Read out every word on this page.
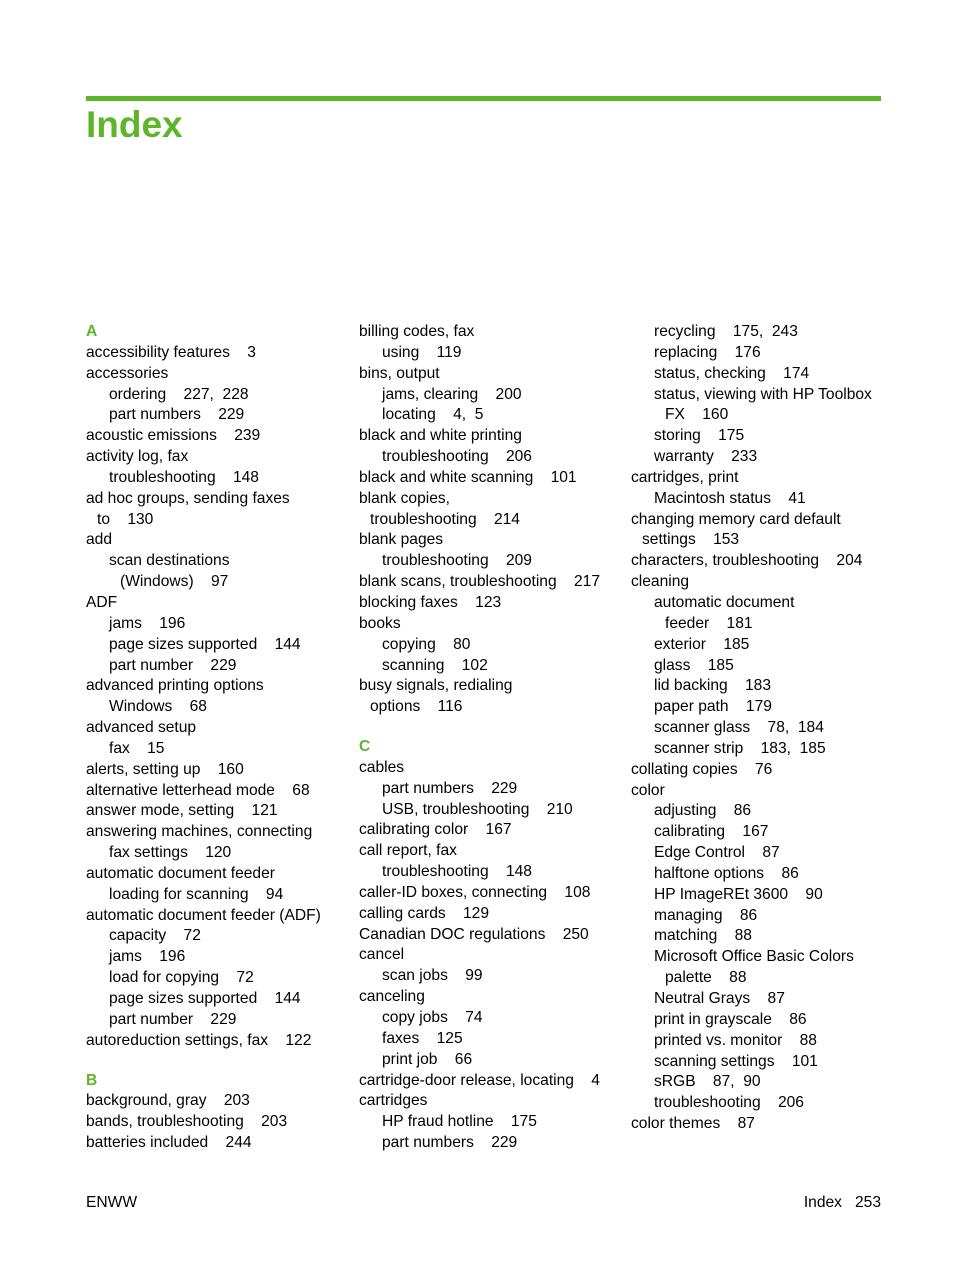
Index
A
accessibility features    3
accessories
ordering    227,  228
part numbers    229
acoustic emissions    239
activity log, fax
troubleshooting    148
ad hoc groups, sending faxes
to    130
add
scan destinations
(Windows)    97
ADF
jams    196
page sizes supported    144
part number    229
advanced printing options
Windows    68
advanced setup
fax    15
alerts, setting up    160
alternative letterhead mode    68
answer mode, setting    121
answering machines, connecting
fax settings    120
automatic document feeder
loading for scanning    94
automatic document feeder (ADF)
capacity    72
jams    196
load for copying    72
page sizes supported    144
part number    229
autoreduction settings, fax    122
B
background, gray    203
bands, troubleshooting    203
batteries included    244
billing codes, fax
using    119
bins, output
jams, clearing    200
locating    4,  5
black and white printing
troubleshooting    206
black and white scanning    101
blank copies,
troubleshooting    214
blank pages
troubleshooting    209
blank scans, troubleshooting    217
blocking faxes    123
books
copying    80
scanning    102
busy signals, redialing
options    116
C
cables
part numbers    229
USB, troubleshooting    210
calibrating color    167
call report, fax
troubleshooting    148
caller-ID boxes, connecting    108
calling cards    129
Canadian DOC regulations    250
cancel
scan jobs    99
canceling
copy jobs    74
faxes    125
print job    66
cartridge-door release, locating    4
cartridges
HP fraud hotline    175
part numbers    229
recycling    175,  243
replacing    176
status, checking    174
status, viewing with HP Toolbox
FX    160
storing    175
warranty    233
cartridges, print
Macintosh status    41
changing memory card default
settings    153
characters, troubleshooting    204
cleaning
automatic document
feeder    181
exterior    185
glass    185
lid backing    183
paper path    179
scanner glass    78,  184
scanner strip    183,  185
collating copies    76
color
adjusting    86
calibrating    167
Edge Control    87
halftone options    86
HP ImageREt 3600    90
managing    86
matching    88
Microsoft Office Basic Colors
palette    88
Neutral Grays    87
print in grayscale    86
printed vs. monitor    88
scanning settings    101
sRGB    87,  90
troubleshooting    206
color themes    87
ENWW	Index   253
